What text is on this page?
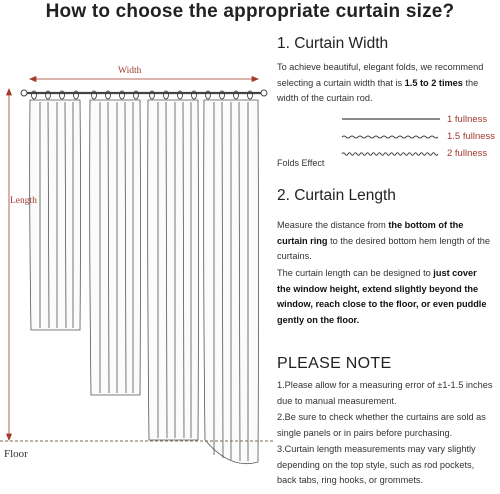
How to choose the appropriate curtain size?
Width
Length
Floor
1. Curtain Width
To achieve beautiful, elegant folds, we recommend selecting a curtain width that is 1.5 to 2 times the width of the curtain rod.
Folds Effect
1 fullness
1.5 fullness
2 fullness
2. Curtain Length
Measure the distance from the bottom of the curtain ring to the desired bottom hem length of the curtains.
The curtain length can be designed to just cover the window height, extend slightly beyond the window, reach close to the floor, or even puddle gently on the floor.
PLEASE NOTE
1.Please allow for a measuring error of ±1-1.5 inches due to manual measurement.
2.Be sure to check whether the curtains are sold as single panels or in pairs before purchasing.
3.Curtain length measurements may vary slightly depending on the top style, such as rod pockets, back tabs, ring hooks, or grommets.
